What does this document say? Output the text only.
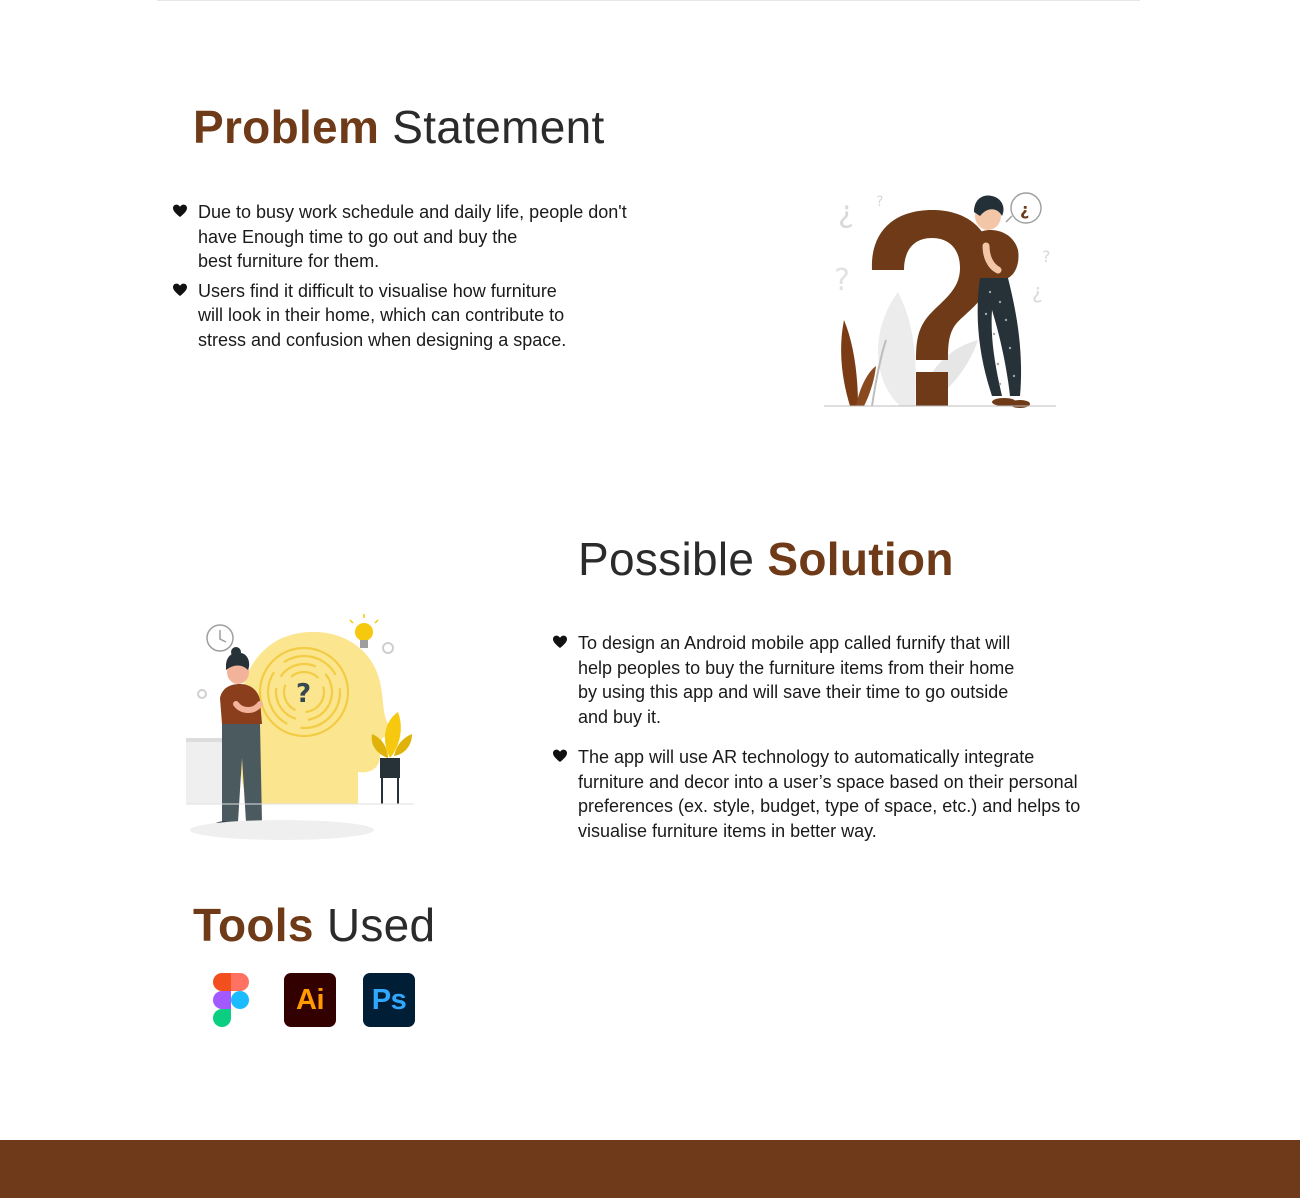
Problem Statement
Due to busy work schedule and daily life, people don't
have Enough time to go out and buy the
best furniture for them.
Users find it difficult to visualise how furniture
will look in their home, which can contribute to
stress and confusion when designing a space.
¿ ?
?
?
¿
¿
Possible Solution
To design an Android mobile app called furnify that will
help peoples to buy the furniture items from their home
by using this app and will save their time to go outside
and buy it.
The app will use AR technology to automatically integrate
furniture and decor into a user’s space based on their personal
preferences (ex. style, budget, type of space, etc.) and helps to
visualise furniture items in better way.
?
Tools Used
Ai	Ps
